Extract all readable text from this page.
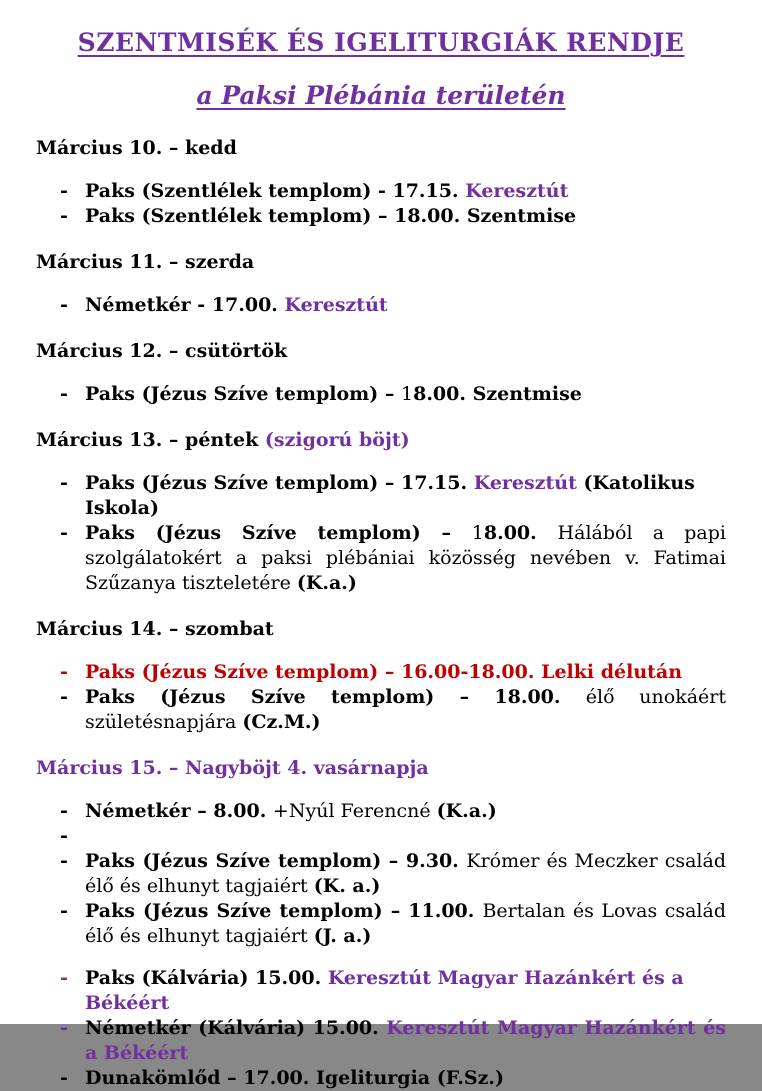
SZENTMISÉK ÉS IGELITURGIÁK RENDJE
a Paksi Plébánia területén
Március 10. – kedd
- Paks (Szentlélek templom) - 17.15. Keresztút
- Paks (Szentlélek templom) – 18.00. Szentmise
Március 11. – szerda
- Németkér - 17.00. Keresztút
Március 12. – csütörtök
- Paks (Jézus Szíve templom) – 18.00. Szentmise
Március 13. – péntek (szigorú böjt)
- Paks (Jézus Szíve templom) – 17.15. Keresztút (Katolikus Iskola)
- Paks (Jézus Szíve templom) – 18.00. Hálából a papi szolgálatokért a paksi plébániai közösség nevében v. Fatimai Szűzanya tiszteletére (K.a.)
Március 14. – szombat
- Paks (Jézus Szíve templom) – 16.00-18.00. Lelki délután
- Paks (Jézus Szíve templom) – 18.00. élő unokáért születésnapjára (Cz.M.)
Március 15. – Nagyböjt 4. vasárnapja
- Németkér – 8.00. +Nyúl Ferencné (K.a.)
-
- Paks (Jézus Szíve templom) – 9.30. Krómer és Meczker család élő és elhunyt tagjaiért (K. a.)
- Paks (Jézus Szíve templom) – 11.00. Bertalan és Lovas család élő és elhunyt tagjaiért (J. a.)
- Paks (Kálvária) 15.00. Keresztút Magyar Hazánkért és a Békéért
- Németkér (Kálvária) 15.00. Keresztút Magyar Hazánkért és a Békéért
- Dunakömlőd – 17.00. Igeliturgia (F.Sz.)
